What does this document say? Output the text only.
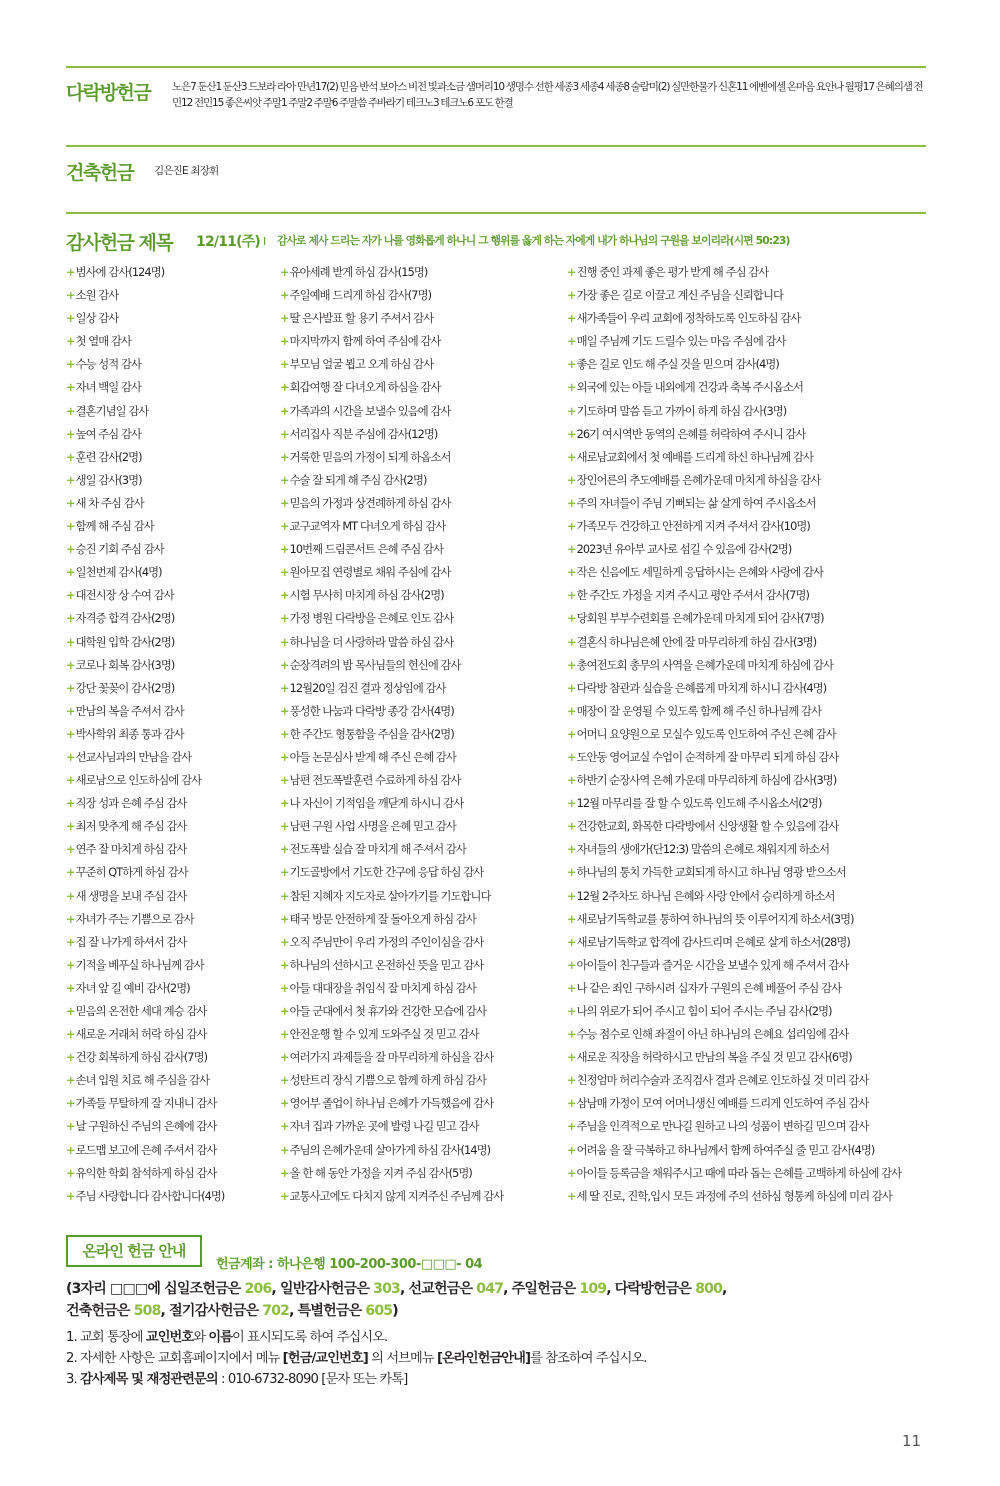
다락방헌금 노은7 둔산1 둔산3 드보라 라아 만년17(2) 믿음 반석 보아스 비전 빛과소금 샘머리10 생명수 선한 세종3 세종4 세종8 술람미(2) 실만한물가 신혼11 에벤에셀 온마음 요안나 월평17 은혜의샘 전민12 전민15 좋은씨앗 주말1 주말2 주말6 주말씀 주바라기 테크노3 테크노6 포도 한결
건축헌금 김은진E 최장휘
감사헌금 제목 12/11(주) I 감사로 제사 드리는 자가 나를 영화롭게 하나니 그 행위를 옳게 하는 자에게 내가 하나님의 구원을 보이리라(시편 50:23)
+범사에 감사(124명)
+소원 감사
+일상 감사
+첫 열매 감사
+수능 성적 감사
+자녀 백일 감사
+결혼기념일 감사
+높여 주심 감사
+훈련 감사(2명)
+생일 감사(3명)
+새 차 주심 감사
+함께 해 주심 감사
+승진 기회 주심 감사
+일천번제 감사(4명)
+대전시장 상 수여 감사
+자격증 합격 감사(2명)
+대학원 입학 감사(2명)
+코로나 회복 감사(3명)
+강단 꽃꽂이 감사(2명)
+만남의 복을 주셔서 감사
+박사학위 최종 통과 감사
+선교사님과의 만남을 감사
+새로남으로 인도하심에 감사
+직장 성과 은혜 주심 감사
+최저 맞추게 해 주심 감사
+연주 잘 마치게 하심 감사
+꾸준히 QT하게 하심 감사
+새 생명을 보내 주심 감사
+자녀가 주는 기쁨으로 감사
+집 잘 나가게 하셔서 감사
+기적을 베푸실 하나님께 감사
+자녀 앞 길 예비 감사(2명)
+믿음의 온전한 세대 계승 감사
+새로운 거래처 허락 하심 감사
+건강 회복하게 하심 감사(7명)
+손녀 입원 치료 해 주심을 감사
+가족들 무탈하게 잘 지내니 감사
+날 구원하신 주님의 은혜에 감사
+로드맵 보고에 은혜 주셔서 감사
+유익한 학회 참석하게 하심 감사
+주님 사랑합니다 감사합니다(4명)
+유아세례 받게 하심 감사(15명)
+주일예배 드리게 하심 감사(7명)
+딸 은사발표 할 용기 주셔서 감사
+마지막까지 함께 하여 주심에 감사
+부모님 얼굴 뵙고 오게 하심 감사
+회갑여행 잘 다녀오게 하심을 감사
+가족과의 시간을 보낼수 있음에 감사
+서리집사 직분 주심에 감사(12명)
+거룩한 믿음의 가정이 되게 하옵소서
+수술 잘 되게 해 주심 감사(2명)
+믿음의 가정과 상견례하게 하심 감사
+교구교역자 MT 다녀오게 하심 감사
+10번째 드림콘서트 은혜 주심 감사
+원아모집 연령별로 채워 주심에 감사
+시험 무사히 마치게 하심 감사(2명)
+가정 병원 다락방을 은혜로 인도 감사
+하나님을 더 사랑하라 말씀 하심 감사
+순장격려의 밤 목사님들의 헌신에 감사
+12월20일 검진 결과 정상임에 감사
+풍성한 나눔과 다락방 종강 감사(4명)
+한 주간도 형통함을 주심을 감사(2명)
+아들 논문심사 받게 해 주신 은혜 감사
+남편 전도폭발훈련 수료하게 하심 감사
+나 자신이 기적임을 깨닫게 하시니 감사
+남편 구원 사업 사명을 은혜 믿고 감사
+전도폭발 실습 잘 마치게 해 주셔서 감사
+기도골방에서 기도한 간구에 응답 하심 감사
+참된 지혜자 지도자로 살아가기를 기도합니다
+태국 방문 안전하게 잘 돌아오게 하심 감사
+오직 주님만이 우리 가정의 주인이심을 감사
+하나님의 선하시고 온전하신 뜻을 믿고 감사
+아들 대대장을 취임식 잘 마치게 하심 감사
+아들 군대에서 첫 휴가와 건강한 모습에 감사
+안전운행 할 수 있게 도와주실 것 믿고 감사
+여러가지 과제들을 잘 마무리하게 하심을 감사
+성탄트리 장식 기쁨으로 함께 하게 하심 감사
+영어부 졸업이 하나님 은혜가 가득했음에 감사
+자녀 집과 가까운 곳에 발령 나길 믿고 감사
+주님의 은혜가운데 살아가게 하심 감사(14명)
+올 한 해 동안 가정을 지켜 주심 감사(5명)
+교통사고에도 다치지 않게 지켜주신 주님께 감사
+진행 중인 과제 좋은 평가 받게 해 주심 감사
+가장 좋은 길로 이끌고 계신 주님을 신뢰합니다
+새가족들이 우리 교회에 정착하도록 인도하심 감사
+매일 주님께 기도 드릴수 있는 마음 주심에 감사
+좋은 길로 인도 해 주실 것을 믿으며 감사(4명)
+외국에 있는 아들 내외에게 건강과 축복 주시옵소서
+기도하며 말씀 듣고 가까이 하게 하심 감사(3명)
+26기 여시역반 동역의 은혜를 허락하여 주시니 감사
+새로남교회에서 첫 예배를 드리게 하신 하나님께 감사
+장인어른의 추도예배를 은혜가운데 마치게 하심을 감사
+주의 자녀들이 주님 기뻐되는 삶 살게 하여 주시옵소서
+가족모두 건강하고 안전하게 지켜 주셔서 감사(10명)
+2023년 유아부 교사로 섬길 수 있음에 감사(2명)
+작은 신음에도 세밀하게 응답하시는 은혜와 사랑에 감사
+한 주간도 가정을 지켜 주시고 평안 주셔서 감사(7명)
+당회원 부부수련회를 은혜가운데 마치게 되어 감사(7명)
+결혼식 하나님은혜 안에 잘 마무리하게 하심 감사(3명)
+총여전도회 총무의 사역을 은혜가운데 마치게 하심에 감사
+다락방 참관과 실습을 은혜롭게 마치게 하시니 감사(4명)
+매장이 잘 운영될 수 있도록 함께 해 주신 하나님께 감사
+어머니 요양원으로 모실수 있도록 인도하여 주신 은혜 감사
+도안동 영어교실 수업이 순적하게 잘 마무리 되게 하심 감사
+하반기 순장사역 은혜 가운데 마무리하게 하심에 감사(3명)
+12월 마무리를 잘 할 수 있도록 인도해 주시옵소서(2명)
+건강한교회, 화목한 다락방에서 신앙생활 할 수 있음에 감사
+자녀들의 생애가(단12:3) 말씀의 은혜로 채워지게 하소서
+하나님의 통치 가득한 교회되게 하시고 하나님 영광 받으소서
+12월 2주차도 하나님 은혜와 사랑 안에서 승리하게 하소서
+새로남기독학교를 통하여 하나님의 뜻 이루어지게 하소서(3명)
+새로남기독학교 합격에 감사드리며 은혜로 살게 하소서(28명)
+아이들이 친구들과 즐거운 시간을 보낼수 있게 해 주셔서 감사
+나 같은 죄인 구하시려 십자가 구원의 은혜 베풀어 주심 감사
+나의 위로가 되어 주시고 힘이 되어 주시는 주님 감사(2명)
+수능 점수로 인해 좌절이 아닌 하나님의 은혜요 섭리임에 감사
+새로운 직장을 허락하시고 만남의 복을 주실 것 믿고 감사(6명)
+친정엄마 허리수술과 조직검사 결과 은혜로 인도하실 것 미리 감사
+삼남매 가정이 모여 어머니생신 예배를 드리게 인도하여 주심 감사
+주님을 인격적으로 만나길 원하고 나의 성품이 변하길 믿으며 감사
+어려움 을 잘 극복하고 하나님께서 함께 하여주실 줄 믿고 감사(4명)
+아이들 등록금을 채워주시고 때에 따라 돕는 은혜를 고백하게 하심에 감사
+세 딸 진로, 진학,입시 모든 과정에 주의 선하심 형통케 하심에 미리 감사
온라인 헌금 안내
헌금계좌 : 하나은행 100-200-300-□□□- 04
(3자리 □□□에 십일조헌금은 206, 일반감사헌금은 303, 선교헌금은 047, 주일헌금은 109, 다락방헌금은 800,
건축헌금은 508, 절기감사헌금은 702, 특별헌금은 605)
1. 교회 통장에 교인번호와 이름이 표시되도록 하여 주십시오.
2. 자세한 사항은 교회홈페이지에서 메뉴 [헌금/교인번호] 의 서브메뉴 [온라인헌금안내]를 참조하여 주십시오.
3. 감사제목 및 재정관련문의 : 010-6732-8090 [문자 또는 카톡]
11
